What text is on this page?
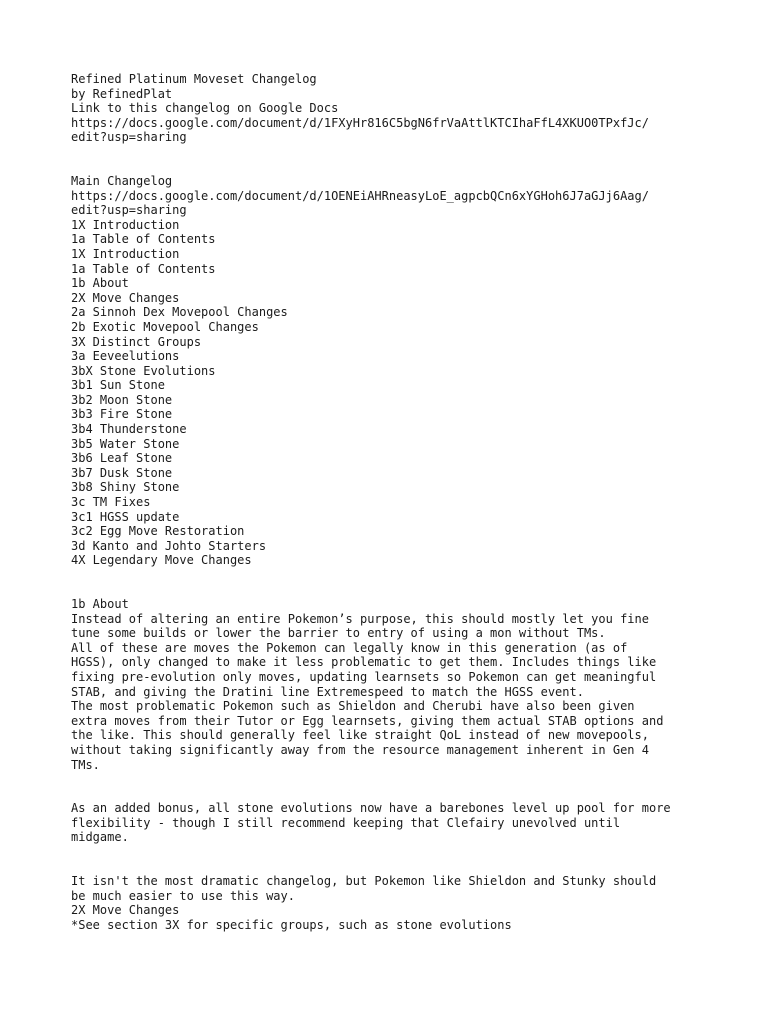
Refined Platinum Moveset Changelog
by RefinedPlat
Link to this changelog on Google Docs
https://docs.google.com/document/d/1FXyHr816C5bgN6frVaAttlKTCIhaFfL4XKUO0TPxfJc/
edit?usp=sharing
Main Changelog
https://docs.google.com/document/d/1OENEiAHRneasyLoE_agpcbQCn6xYGHoh6J7aGJj6Aag/
edit?usp=sharing
1X Introduction
1a Table of Contents
1X Introduction
1a Table of Contents
1b About
2X Move Changes
2a Sinnoh Dex Movepool Changes
2b Exotic Movepool Changes
3X Distinct Groups
3a Eeveelutions
3bX Stone Evolutions
3b1 Sun Stone
3b2 Moon Stone
3b3 Fire Stone
3b4 Thunderstone
3b5 Water Stone
3b6 Leaf Stone
3b7 Dusk Stone
3b8 Shiny Stone
3c TM Fixes
3c1 HGSS update
3c2 Egg Move Restoration
3d Kanto and Johto Starters
4X Legendary Move Changes
1b About
Instead of altering an entire Pokemon’s purpose, this should mostly let you fine
tune some builds or lower the barrier to entry of using a mon without TMs.
All of these are moves the Pokemon can legally know in this generation (as of
HGSS), only changed to make it less problematic to get them. Includes things like
fixing pre-evolution only moves, updating learnsets so Pokemon can get meaningful
STAB, and giving the Dratini line Extremespeed to match the HGSS event.
The most problematic Pokemon such as Shieldon and Cherubi have also been given
extra moves from their Tutor or Egg learnsets, giving them actual STAB options and
the like. This should generally feel like straight QoL instead of new movepools,
without taking significantly away from the resource management inherent in Gen 4
TMs.
As an added bonus, all stone evolutions now have a barebones level up pool for more
flexibility - though I still recommend keeping that Clefairy unevolved until
midgame.
It isn't the most dramatic changelog, but Pokemon like Shieldon and Stunky should
be much easier to use this way.
2X Move Changes
*See section 3X for specific groups, such as stone evolutions
